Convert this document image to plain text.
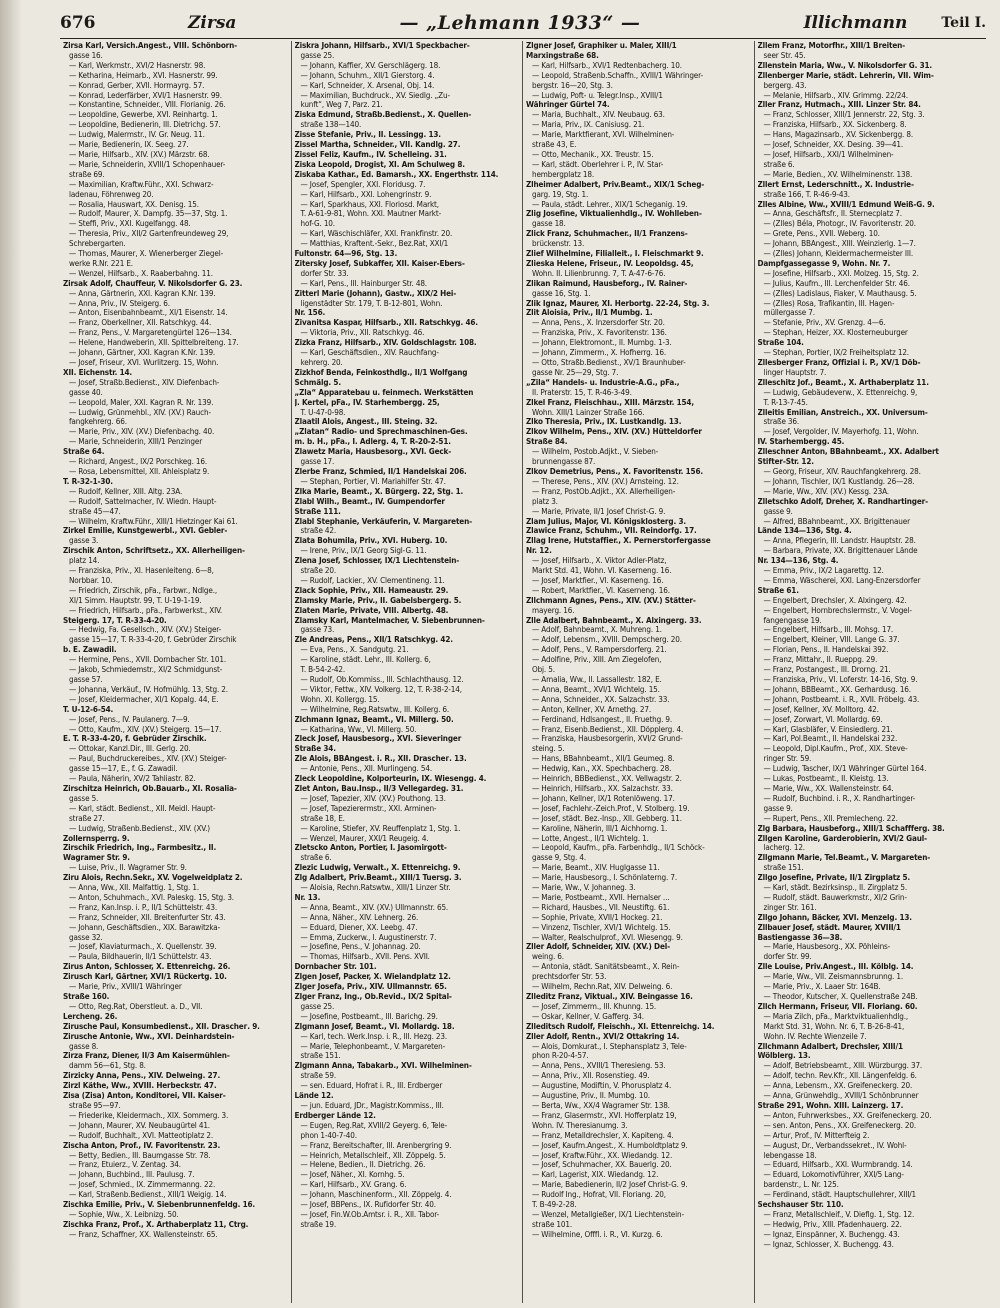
676	Zirsa	— „Lehmann 1933“ —	Illichmann Teil I.
Zirsa Karl, Versich.Angest., VIII. Schönborn-
gasse 16.
— Karl, Werkmstr., XVI/2 Hasnerstr. 98.
— Ketharina, Heimarb., XVI. Hasnerstr. 99.
— Konrad, Gerber, XVII. Hormayrg. 57.
— Konrad, Lederfärber, XVI/1 Hasnerstr. 99.
— Konstantine, Schneider., VIII. Florianig. 26.
— Leopoldine, Gewerbe, XVI. Reinhartg. 1.
— Leopoldine, Bedienerin, III. Dietrichg. 57.
— Ludwig, Malermstr., IV. Gr. Neug. 11.
— Marie, Bedienerin, IX. Seeg. 27.
— Marie, Hilfsarb., XIV. (XV.) Märzstr. 68.
— Marie, Schneiderin, XVIII/1 Schopenhauer-
straße 69.
— Maximilian, Kraftw.Führ., XXI. Schwarz-
ladenau, Föhrenweg 20.
— Rosalia, Hauswart, XX. Denisg. 15.
— Rudolf, Maurer, X. Dampfg. 35—37, Stg. 1.
— Steffi, Priv., XXI. Kugelfangg. 48.
— Theresia, Priv., XII/2 Gartenfreundeweg 29,
Schrebergarten.
— Thomas, Maurer, X. Wienerberger Ziegel-
werke R.Nr. 221 E.
— Wenzel, Hilfsarb., X. Raaberbahng. 11.
Zirsak Adolf, Chauffeur, V. Nikolsdorfer G. 23.
— Anna, Gärtnerin, XXI. Kagran K.Nr. 139.
— Anna, Priv., IV. Steigerg. 6.
— Anton, Eisenbahnbeamt., XI/1 Eisenstr. 14.
— Franz, Oberkellner, XII. Ratschkyg. 44.
— Franz, Pens., V. Margaretengürtel 126—134.
— Helene, Handweberin, XII. Spittelbreiteng. 17.
— Johann, Gärtner, XXI. Kagran K.Nr. 139.
— Josef, Friseur, XVI. Wurlitzerg. 15, Wohn.
XII. Eichenstr. 14.
— Josef, Straßb.Bedienst., XIV. Diefenbach-
gasse 40.
— Leopold, Maler, XXI. Kagran R. Nr. 139.
— Ludwig, Grünmehbl., XIV. (XV.) Rauch-
fangkehrerg. 66.
— Marie, Priv., XIV. (XV.) Diefenbachg. 40.
— Marie, Schneiderin, XIII/1 Penzinger
Straße 64.
— Richard, Angest., IX/2 Porschkeg. 16.
— Rosa, Lebensmittel, XII. Ahleisplatz 9.
T. R-32-1-30.
— Rudolf, Kellner, XIII. Altg. 23A.
— Rudolf, Sattelmacher, IV. Wiedn. Haupt-
straße 45—47.
— Wilhelm, Kraftw.Führ., XIII/1 Hietzinger Kai 61.
Zirkel Emilie, Kunstgewerbl., XVI. Gebler-
gasse 3.
Zirschik Anton, Schriftsetz., XX. Allerheiligen-
platz 14.
— Franziska, Priv., XI. Hasenleiteng. 6—8,
Norbbar. 10.
— Friedrich, Zirschik, pFa., Farbwr., Ndlge.,
XI/1 Simm. Hauptstr. 99, T. U-19-1-19.
— Friedrich, Hilfsarb., pFa., Farbwerkst., XIV.
Steigerg. 17, T. R-33-4-20.
— Hedwig, Fa. Gesellsch., XIV. (XV.) Steiger-
gasse 15—17, T. R-33-4-20, f. Gebrüder Zirschik
b. E. Zawadil.
— Hermine, Pens., XVII. Dornbacher Str. 101.
— Jakob, Schmiedemstr., XI/2 Schmidgunst-
gasse 57.
— Johanna, Verkäuf., IV. Hofmühlg. 13, Stg. 2.
— Josef, Kleidermacher, XI/1 Kopalg. 44, E.
T. U-12-6-54.
— Josef, Pens., IV. Paulanerg. 7—9.
— Otto, Kaufm., XIV. (XV.) Steigerg. 15—17.
E. T. R-33-4-20, f. Gebrüder Zirschik.
— Ottokar, Kanzl.Dir., III. Gerlg. 20.
— Paul, Buchdruckereibes., XIV. (XV.) Steiger-
gasse 15—17, E., f. G. Zawadil.
— Paula, Näherin, XV/2 Tahliastr. 82.
Zirschitza Heinrich, Ob.Bauarb., XI. Rosalia-
gasse 5.
— Karl, städt. Bedienst., XII. Meidl. Haupt-
straße 27.
— Ludwig, Straßenb.Bedienst., XIV. (XV.)
Zollernsperrg. 9.
Zirschik Friedrich, Ing., Farmbesitz., II.
Wagramer Str. 9.
— Luise, Priv., II. Wagramer Str. 9.
Ziru Alois, Rechn.Sekr., XV. Vogelweidplatz 2.
— Anna, Ww., XII. Malfattig. 1, Stg. 1.
— Anton, Schuhmach., XVI. Paleskg. 15, Stg. 3.
— Franz, Kan.Insp. i. P., II/1 Schüttelstr. 43.
— Franz, Schneider, XII. Breitenfurter Str. 43.
— Johann, Geschäftsdien., XIX. Barawitzka-
gasse 32.
— Josef, Klaviaturmach., X. Quellenstr. 39.
— Paula, Bildhauerin, II/1 Schüttelstr. 43.
Zirus Anton, Schlosser, X. Ettenreichg. 26.
Zirusch Karl, Gärtner, XVI/1 Rückertg. 10.
— Marie, Priv., XVIII/1 Währinger
Straße 160.
— Otto, Reg.Rat, Oberstleut. a. D., VII.
Lercheng. 26.
Zirusche Paul, Konsumbedienst., XII. Draschег. 9.
Zirusche Antonie, Ww., XVI. Deinhardstein-
gasse 8.
Zirza Franz, Diener, II/3 Am Kaisermühlen-
damm 56—61, Stg. 8.
Zirzicky Anna, Pens., XIV. Delweing. 27.
Zirzl Käthe, Ww., XVIII. Herbeckstr. 47.
Zisa (Zisa) Anton, Konditorei, VII. Kaiser-
straße 95—97.
— Friederike, Kleidermach., XIX. Sommerg. 3.
— Johann, Maurer, XV. Neubaugürtel 41.
— Rudolf, Buchhalt., XVI. Matteotiplatz 2.
Zischa Anton, Prof., IV. Favoritenstr. 23.
— Betty, Bedien., III. Baumgasse Str. 78.
— Franz, Etuierz., V. Zentag. 34.
— Johann, Buchbind., III. Paulusg. 7.
— Josef, Schmied., IX. Zimmermanng. 22.
— Karl, Straßenb.Bedienst., XIII/1 Weigig. 14.
Zischka Emilie, Priv., V. Siebenbrunnenfeldg. 16.
— Sophie, Ww., X. Leibnizg. 50.
Zischka Franz, Prof., X. Arthaberplatz 11, Ctrg.
— Franz, Schaffner, XX. Wallensteinstr. 65.
Ziskra Johann, Hilfsarb., XVI/1 Speckbacher-
gasse 25.
— Johann, Kaffier, XV. Gerschlägerg. 18.
— Johann, Schuhm., XII/1 Gierstorg. 4.
— Karl, Schneider, X. Arsenal, Obj. 14.
— Maximilian, Buchdruck., XV. Siedlg. „Zu-
kunft“, Weg 7, Parz. 21.
Ziska Edmund, Straßb.Bedienst., X. Quellen-
straße 138—140.
Zisse Stefanie, Priv., II. Lessingg. 13.
Zissel Martha, Schneider., VII. Kandlg. 27.
Zissel Feliz, Kaufm., IV. Schelleing. 31.
Ziska Leopold, Drogist, XI. Am Schulweg 8.
Ziskaba Kathar., Ed. Bamarsh., XX. Engerthstr. 114.
— Josef, Spengler, XXI. Floridusg. 7.
— Karl, Hilfsarb., XXI. Lohengrinstr. 9.
— Karl, Sparkhaus, XXI. Floriosd. Markt,
T. A-61-9-81, Wohn. XXI. Mautner Markt-
hof-G. 10.
— Karl, Wäschischläfer, XXI. Frankfinstr. 20.
— Matthias, Kraftent.-Sekr., Bez.Rat, XXI/1
Fultonstr. 64—96, Stg. 13.
Zitersky Josef, Subkaffer, XII. Kaiser-Ebers-
dorfer Str. 33.
— Karl, Pens., III. Hainburger Str. 48.
Zitterl Marie (Johann), Gastw., XIX/2 Hei-
ligenstädter Str. 179, T. B-12-801, Wohn.
Nr. 156.
Zivanitsa Kaspar, Hilfsarb., XII. Ratschkyg. 46.
— Viktoria, Priv., XII. Ratschkyg. 46.
Zizka Franz, Hilfsarb., XIV. Goldschlagstr. 108.
— Karl, Geschäftsdien., XIV. Rauchfang-
kehrerg. 20.
Zizkhof Benda, Feinkosthdlg., II/1 Wolfgang
Schmälg. 5.
„Zla“ Apparatebau u. feinmech. Werkstätten
J. Kertel, pFa., IV. Starhembergg. 25,
T. U-47-0-98.
Zlaatil Alois, Angest., III. Steing. 32.
„Zlatan“ Radio- und Sprechmaschinen-Ges.
m. b. H., pFa., I. Adlerg. 4, T. R-20-2-51.
Zlawetz Maria, Hausbesorg., XVI. Geck-
gasse 17.
Zlerbe Franz, Schmied, II/1 Handelskai 206.
— Stephan, Portier, VI. Mariahilfer Str. 47.
Zlka Marie, Beamt., X. Bürgerg. 22, Stg. 1.
Zlabl Wilh., Beamt., IV. Gumpendorfer
Straße 111.
Zlabl Stephanie, Verkäuferin, V. Margareten-
straße 42.
Zlata Bohumila, Priv., XVI. Huberg. 10.
— Irene, Priv., IX/1 Georg Sigl-G. 11.
Zlena Josef, Schlosser, IX/1 Liechtenstein-
straße 20.
— Rudolf, Lackier., XV. Clementineng. 11.
Zlack Sophie, Priv., XII. Hameaustr. 29.
Zlamsky Marie, Priv., II. Gabelsbergerg. 5.
Zlaten Marie, Private, VIII. Albertg. 48.
Zlamsky Karl, Mantelmacher, V. Siebenbrunnen-
gasse 73.
Zle Andreas, Pens., XII/1 Ratschkyg. 42.
— Eva, Pens., X. Sandgutg. 21.
— Karoline, städt. Lehr., III. Kollerg. 6,
T. B-54-2-42.
— Rudolf, Ob.Kommiss., III. Schlachthausg. 12.
— Viktor, Fettw., XIV. Volkerg. 12, T. R-38-2-14,
Wohn. XI. Kollergg. 15.
— Wilhelmine, Reg.Ratswtw., III. Kollerg. 6.
Zlchmann Ignaz, Beamt., VI. Millerg. 50.
— Katharina, Ww., VI. Millerg. 50.
Zleck Josef, Hausbesorg., XVI. Sieveringer
Straße 34.
Zle Alois, BBAngest. i. R., XII. Draschег. 13.
— Antonie, Pens., XII. Murlingeng. 54.
Zleck Leopoldine, Kolporteurin, IX. Wiesengg. 4.
Zlet Anton, Bau.Insp., II/3 Vellegardeg. 31.
— Josef, Tapezier, XIV. (XV.) Pouthong. 13.
— Josef, Tapezierermstr., XXI. Arminen-
straße 18, E.
— Karoline, Stiefer, XV. Reuffenplatz 1, Stg. 1.
— Wenzel, Maurer, XXI/1 Reugeig. 4.
Zletscko Anton, Portier, I. Jasomirgott-
straße 6.
Zlezic Ludwig, Verwalt., X. Ettenreichg. 9.
Zlg Adalbert, Priv.Beamt., XIII/1 Tuersg. 3.
— Aloisia, Rechn.Ratswtw., XIII/1 Linzer Str.
Nr. 13.
— Anna, Beamt., XIV. (XV.) Ullmannstr. 65.
— Anna, Näher., XIV. Lehnerg. 26.
— Eduard, Diener, XX. Leebg. 47.
— Emma, Zuckerw., I. Augustinerstr. 7.
— Josefine, Pens., V. Johannag. 20.
— Thomas, Hilfsarb., XVII. Pens. XVII.
Dornbacher Str. 101.
Zlgen Josef, Packer, X. Wielandplatz 12.
Zlger Josefa, Priv., XIV. Ullmannstr. 65.
Zlger Franz, Ing., Ob.Revid., IX/2 Spital-
gasse 25.
— Josefine, Postbeamt., III. Barichg. 29.
Zlgmann Josef, Beamt., VI. Mollardg. 18.
— Karl, tech. Werk.Insp. i. R., III. Hezg. 23.
— Marie, Telephonbeamt., V. Margareten-
straße 151.
Zlgmann Anna, Tabakarb., XVI. Wilhelminen-
straße 59.
— sen. Eduard, Hofrat i. R., III. Erdberger
Lände 12.
— jun. Eduard, JDr., Magistr.Kommiss., III.
Erdberger Lände 12.
— Eugen, Reg.Rat, XVIII/2 Geyerg. 6, Tele-
phon 1-40-7-40.
— Franz, Bereitschafter, III. Arenbergring 9.
— Heinrich, Metallschleif., XII. Zöppelg. 5.
— Helene, Bedien., II. Dietrichg. 26.
— Josef, Näher., XI. Kornhg. 5.
— Karl, Hilfsarb., XV. Grang. 6.
— Johann, Maschinenform., XII. Zöppelg. 4.
— Josef, BBPens., IX. Rufidorfer Str. 40.
— Josef, Fin.W.Ob.Amtsr. i. R., XII. Tabor-
straße 19.
Zlgner Josef, Graphiker u. Maler, XIII/1
Marxingstraße 68.
— Karl, Hilfsarb., XVI/1 Redtenbacherg. 10.
— Leopold, Straßenb.Schaffn., XVIII/1 Währinger-
bergstr. 16—20, Stg. 3.
— Ludwig, Poft- u. Telegr.Insp., XVIII/1
Währinger Gürtel 74.
— Maria, Buchhalt., XIV. Neubaug. 63.
— Maria, Priv., IX. Canisiusg. 21.
— Marie, Marktfierant, XVI. Wilhelminen-
straße 43, E.
— Otto, Mechanik., XX. Treustr. 15.
— Karl, städt. Oberlehrer i. P., IV. Star-
hembergplatz 18.
Zlheimer Adalbert, Priv.Beamt., XIX/1 Scheg-
garg. 19, Stg. 1.
— Paula, städt. Lehrer., XIX/1 Scheganig. 19.
Zlig Josefine, Viktualienhdlg., IV. Wohlleben-
gasse 18.
Zlick Franz, Schuhmacher., II/1 Franzens-
brückenstr. 13.
Zlief Wilhelmine, Filialleit., I. Fleischmarkt 9.
Zlieska Helene, Friseur., IV. Leopoldsg. 45,
Wohn. II. Lilienbrunng. 7, T. A-47-6-76.
Zlikan Raimund, Hausbeforg., IV. Rainer-
gasse 16, Stg. 1.
Zlik Ignaz, Maurer, XI. Herbortg. 22-24, Stg. 3.
Zlit Aloisia, Priv., II/1 Mumbg. 1.
— Anna, Pens., X. Inzersdorfer Str. 20.
— Franziska, Priv., X. Favoritenstr. 136.
— Johann, Elektromont., II. Mumbg. 1-3.
— Johann, Zimmerm., X. Hofherrg. 16.
— Otto, Straßb.Bedienst., XV/1 Braunhuber-
gasse Nr. 25—29, Stg. 7.
„Zila“ Handels- u. Industrie-A.G., pFa.,
II. Praterstr. 15, T. R-46-3-49.
Zlkel Franz, Fleischhau., XIII. Märzstr. 154,
Wohn. XIII/1 Lainzer Straße 166.
Zlko Theresia, Priv., IX. Lustkandlg. 13.
Zlkov Wilhelm, Pens., XIV. (XV.) Hütteldorfer
Straße 84.
— Wilhelm, Postob.Adjkt., V. Sieben-
brunnengasse 87.
Zlkov Demetrius, Pens., X. Favoritenstr. 156.
— Therese, Pens., XIV. (XV.) Arnsteing. 12.
— Franz, PostOb.Adjkt., XX. Allerheiligen-
platz 3.
— Marie, Private, II/1 Josef Christ-G. 9.
Zlam Julius, Major, VI. Königsklosterg. 3.
Zlawice Franz, Schuhm., VII. Reindorfg. 17.
Zllag Irene, Hutstaffier., X. Pernerstorfergasse
Nr. 12.
— Josef, Hilfsarb., X. Viktor Adler-Platz,
Markt Std. 41, Wohn. VI. Kaserneng. 16.
— Josef, Marktfier., VI. Kaserneng. 16.
— Robert, Marktfier., VI. Kaserneng. 16.
Zllchmann Agnes, Pens., XIV. (XV.) Stätter-
mayerg. 16.
Zlle Adalbert, Bahnbeamt., X. Alxingerg. 33.
— Adolf, Bahnbeamt., X. Muhreng. 1.
— Adolf, Lebensm., XVIII. Dempscherg. 20.
— Adolf, Pens., V. Rampersdorferg. 21.
— Adolfine, Priv., XIII. Am Ziegelofen,
Obj. 5.
— Amalia, Ww., II. Lassallestr. 182, E.
— Anna, Beamt., XVI/1 Wichtelg. 15.
— Anna, Schneider., XX. Salzachstr. 33.
— Anton, Kellner, XV. Arnethg. 27.
— Ferdinand, Hdlsangest., II. Fruethg. 9.
— Franz, Eisenb.Bedienst., XII. Döpplerg. 4.
— Franziska, Hausbesorgerin, XVI/2 Grund-
steing. 5.
— Hans, BBahnbeamt., XII/1 Geumeg. 8.
— Hedwig, Kan., XX. Spechbacherg. 28.
— Heinrich, BBBedienst., XX. Vellwagstr. 2.
— Heinrich, Hilfsarb., XX. Salzachstr. 33.
— Johann, Kellner, IX/1 Rotenlöweng. 17.
— Josef, Fachlehr.-Zeich.Prof., V. Stolberg. 19.
— Josef, städt. Bez.-Insp., XII. Gebberg. 11.
— Karoline, Näherin, III/1 Aichhorng. 1.
— Lotte, Angest., II/1 Wichtelg. 1.
— Leopold, Kaufm., pFa. Farbenhdlg., II/1 Schöck-
gasse 9, Stg. 4.
— Marie, Beamt., XIV. Huglgasse 11.
— Marie, Hausbesorg., I. Schönlaterng. 7.
— Marie, Ww., V. Johanneg. 3.
— Marie, Postbeamt., XVII. Hernalser ...
— Richard, Hausbes., VII. Neustiftg. 61.
— Sophie, Private, XVII/1 Hockeg. 21.
— Vinzenz, Tischler, XVI/1 Wichtelg. 15.
— Walter, Realschulprof., XVI. Wiesengg. 9.
Zller Adolf, Schneider, XIV. (XV.) Del-
weing. 6.
— Antonia, städt. Sanitätsbeamt., X. Rein-
prechtsdorfer Str. 53.
— Wilhelm, Rechn.Rat, XIV. Delweing. 6.
Zlleditz Franz, Viktual., XIV. Beingasse 16.
— Josef, Zimmerm., III. Khunng. 15.
— Oskar, Kellner, V. Gafferg. 34.
Zlleditsch Rudolf, Fleischh., XI. Ettenreichg. 14.
Zller Adolf, Rentn., XVI/2 Ottakring 14.
— Alois, Domkurat., I. Stephansplatz 3, Tele-
phon R-20-4-57.
— Anna, Pens., XVIII/1 Theresieng. 53.
— Anna, Priv., XII. Rosenstieg. 49.
— Augustine, Modiftin, V. Phorusplatz 4.
— Augustine, Priv., II. Mumbg. 10.
— Berta, Ww., XX/4 Wagramer Str. 138.
— Franz, Glasermstr., XVI. Hofferplatz 19,
Wohn. IV. Theresianumg. 3.
— Franz, Metalldrechsler, X. Kapiteng. 4.
— Josef, Kaufm.Angest., X. Humboldtplatz 9.
— Josef, Kraftw.Führ., XX. Wiedandg. 12.
— Josef, Schuhmacher, XX. Bauerlg. 20.
— Karl, Lagerist, XIX. Wiedandg. 12.
— Marie, Babedienerin, II/2 Josef Christ-G. 9.
— Rudolf Ing., Hofrat, VII. Floriang. 20,
T. B-49-2-28.
— Wenzel, Metallgießer, IX/1 Liechtenstein-
straße 101.
— Wilhelmine, Offfl. i. R., VI. Kurzg. 6.
Zllem Franz, Motorfhr., XIII/1 Breiten-
seer Str. 45.
Zllenstein Maria, Ww., V. Nikolsdorfer G. 31.
Zllenberger Marie, städt. Lehrerin, VII. Wim-
bergerg. 43.
— Melanie, Hilfsarb., XIV. Grimmg. 22/24.
Zller Franz, Hutmach., XIII. Linzer Str. 84.
— Franz, Schlosser, XIII/1 Jennerstr. 22, Stg. 3.
— Franziska, Hilfsarb., XX. Sickenberg. 8.
— Hans, Magazinsarb., XV. Sickenbergg. 8.
— Josef, Schneider, XX. Desing. 39—41.
— Josef, Hilfsarb., XXI/1 Wilhelminen-
straße 6.
— Marie, Bedien., XV. Wilhelminenstr. 138.
Zllert Ernst, Lederschnitt., X. Industrie-
straße 166, T. R-46-9-43.
Zlles Albine, Ww., XVIII/1 Edmund Weiß-G. 9.
— Anna, Geschäftsfr., II. Sternecplatz 7.
— (Zlles) Béla, Photogr., IV. Favoritenstr. 20.
— Grete, Pens., XVII. Weberg. 10.
— Johann, BBAngest., XIII. Weinzierlg. 1—7.
— (Zlles) Johann, Kleidermachermeister III.
Dampfgassegasse 9, Wohn. Nr. 7.
— Josefine, Hilfsarb., XXI. Molzeg. 15, Stg. 2.
— Julius, Kaufm., III. Lerchenfelder Str. 46.
— (Zlles) Ladislaus, Fiaker, V. Mauthausg. 5.
— (Zlles) Rosa, Trafikantin, III. Hagen-
müllergasse 7.
— Stefanie, Priv., XV. Grenzg. 4—6.
— Stephan, Heizer, XX. Klosterneuburger
Straße 104.
— Stephan, Portier, IX/2 Freiheitsplatz 12.
Zllesberger Franz, Offizial i. P., XV/1 Döb-
linger Hauptstr. 7.
Zlleschitz Jof., Beamt., X. Arthaberplatz 11.
— Ludwig, Gebäudeverw., X. Ettenreichg. 9,
T. R-13-7-45.
Zlleitis Emilian, Anstreich., XX. Universum-
straße 36.
— Josef, Vergolder, IV. Mayerhofg. 11, Wohn.
IV. Starhembergg. 45.
Zlleschner Anton, BBahnbeamt., XX. Adalbert
Stifter-Str. 12.
— Georg, Friseur, XIV. Rauchfangkehrerg. 28.
— Johann, Tischler, IX/1 Kustlandg. 26—28.
— Marie, Ww., XIV. (XV.) Kessg. 23A.
Zlletschko Adolf, Dreher, X. Randhartinger-
gasse 9.
— Alfred, BBahnbeamt., XX. Brigittenauer
Lände 134—136, Stg. 4.
— Anna, Pflegerin, III. Landstr. Hauptstr. 28.
— Barbara, Private, XX. Brigittenauer Lände
Nr. 134—136, Stg. 4.
— Emma, Priv., IX/2 Lagarettg. 12.
— Emma, Wäscherei, XXI. Lang-Enzersdorfer
Straße 61.
— Engelbert, Drechsler, X. Alxingerg. 42.
— Engelbert, Hornbrechslermstr., V. Vogel-
fangengasse 19.
— Engelbert, Hilfsarb., III. Mohsg. 17.
— Engelbert, Kleiner, VIII. Lange G. 37.
— Florian, Pens., II. Handelskai 392.
— Franz, Mittahr., II. Rueppg. 29.
— Franz, Postangest., III. Drorng. 21.
— Franziska, Priv., VI. Loferstr. 14-16, Stg. 9.
— Johann, BBBeamt., XX. Gerhardusg. 16.
— Johann, Postbeamt. i. R., XVII. Fröbelg. 43.
— Josef, Kellner, XV. Molltorg. 42.
— Josef, Zorwart, VI. Mollardg. 69.
— Karl, Glasbläfer, V. Einsiedlerg. 21.
— Karl, Pol.Beamt., II. Handelskai 232.
— Leopold, Dipl.Kaufm., Prof., XIX. Steve-
ringer Str. 59.
— Ludwig, Tascher, IX/1 Währinger Gürtel 164.
— Lukas, Postbeamt., II. Kleistg. 13.
— Marie, Ww., XX. Wallensteinstr. 64.
— Rudolf, Buchbind. i. R., X. Randhartinger-
gasse 9.
— Rupert, Pens., XII. Premlecheng. 22.
Zlg Barbara, Hausbeforg., XIII/1 Schaffferg. 38.
Zllgen Karoline, Garderobierin, XVI/2 Gaul-
lacherg. 12.
Zllgmann Marie, Tel.Beamt., V. Margareten-
straße 151.
Zllgo Josefine, Private, II/1 Zirgplatz 5.
— Karl, städt. Bezirksinsp., II. Zirgplatz 5.
— Rudolf, städt. Bauwerkmstr., XI/2 Grin-
zinger Str. 161.
Zllgo Johann, Bäcker, XVI. Menzelg. 13.
Zllbauer Josef, städt. Maurer, XVIII/1
Bastiengasse 36—38.
— Marie, Hausbesorg., XX. Pöhleins-
dorfer Str. 99.
Zlle Louise, Priv.Angest., III. Kölblg. 14.
— Marie, Ww., VII. Zeismannsbrunng. 1.
— Marie, Priv., X. Laaer Str. 164B.
— Theodor, Kutscher, X. Quellenstraße 24B.
Zllch Hermann, Friseur, VII. Floriang. 60.
— Maria Zilch, pFa., Marktviktualienhdlg.,
Markt Std. 31, Wohn. Nr. 6, T. B-26-8-41,
Wohn. IV. Rechte Wienzeile 7.
Zllchmann Adalbert, Drechsler, XIII/1
Wölblerg. 13.
— Adolf, Betriebsbeamt., XIII. Würzburgg. 37.
— Adolf, techn. Rev.Kfr., XII. Längenfeldg. 6.
— Anna, Lebensm., XX. Greifeneckerg. 20.
— Anna, Grünwehdlg., XVIII/1 Schönbrunner
Straße 291, Wohn. XIII. Lainzerg. 17.
— Anton, Fuhrwerksbes., XX. Greifeneckerg. 20.
— sen. Anton, Pens., XX. Greifeneckerg. 20.
— Artur, Prof., IV. Mitterfteig 2.
— August, Dr., Verbandssekret., IV. Wohl-
lebengasse 18.
— Eduard, Hilfsarb., XXI. Wurmbrandg. 14.
— Eduard, Lokomotivführer, XXI/5 Lang-
bardenstr., L. Nr. 125.
— Ferdinand, städt. Hauptschullehrer, XIII/1
Sechshauser Str. 110.
— Franz, Metallschleif., V. Dieflg. 1, Stg. 12.
— Hedwig, Priv., XIII. Pfadenhauerg. 22.
— Ignaz, Einspänner, X. Buchengg. 43.
— Ignaz, Schlosser, X. Buchengg. 43.
